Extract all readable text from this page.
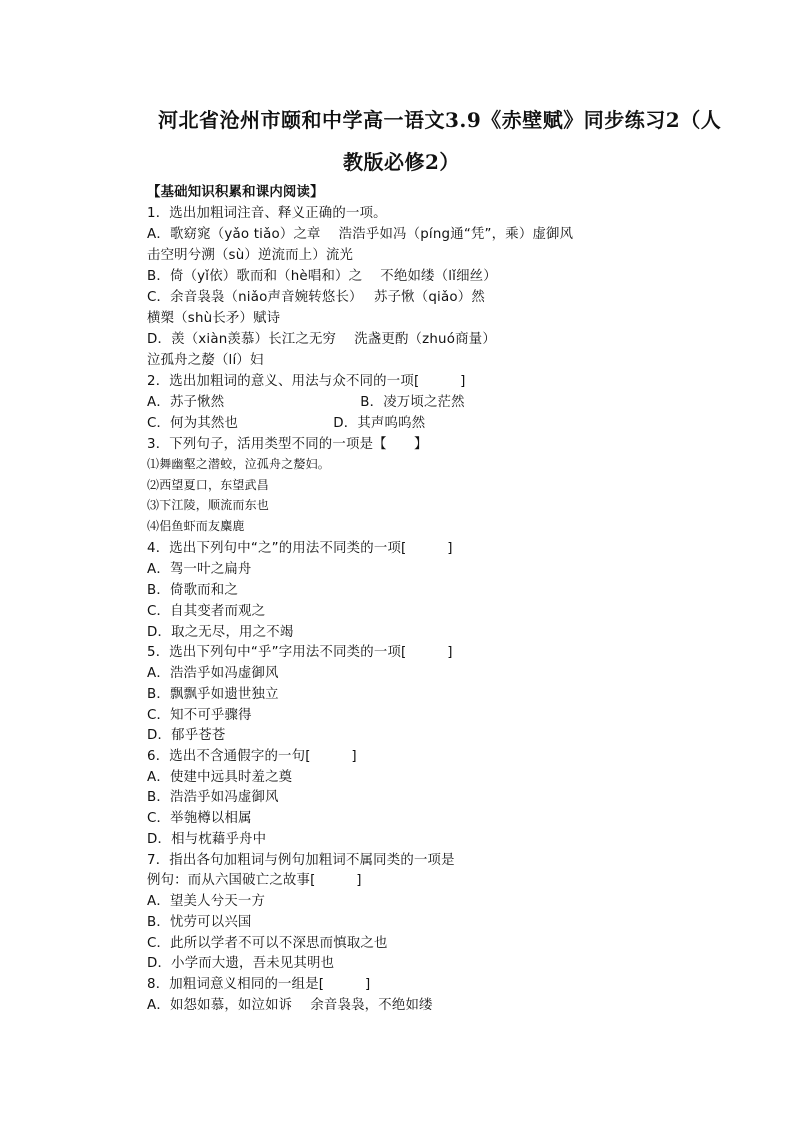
河北省沧州市颐和中学高一语文3.9《赤壁赋》同步练习2（人
教版必修2）
【基础知识积累和课内阅读】
1．选出加粗词注音、释义正确的一项。
A．歌窈窕（yǎo tiǎo）之章　 浩浩乎如冯（píng通“凭”，乘）虚御风
击空明兮溯（sù）逆流而上）流光
B．倚（yǐ依）歌而和（hè唱和）之　 不绝如缕（lǐ细丝）
C．余音袅袅（niǎo声音婉转悠长）　 苏子愀（qiǎo）然
横槊（shù长矛）赋诗
D．羡（xiàn羡慕）长江之无穷　 洗盏更酌（zhuó商量）
泣孤舟之嫠（lí）妇
2．选出加粗词的意义、用法与众不同的一项[　　　]
A．苏子愀然　　　　　　　　　　B．凌万顷之茫然
C．何为其然也　　　　　　　D．其声呜呜然
3．下列句子，活用类型不同的一项是【　　】
⑴舞幽壑之潜蛟，泣孤舟之嫠妇。
⑵西望夏口，东望武昌
⑶下江陵，顺流而东也
⑷侣鱼虾而友麋鹿
4．选出下列句中“之”的用法不同类的一项[　　　]
A．驾一叶之扁舟
B．倚歌而和之
C．自其变者而观之
D．取之无尽，用之不竭
5．选出下列句中“乎”字用法不同类的一项[　　　]
A．浩浩乎如冯虚御风
B．飘飘乎如遗世独立
C．知不可乎骤得
D．郁乎苍苍
6．选出不含通假字的一句[　　　]
A．使建中远具时羞之奠
B．浩浩乎如冯虚御风
C．举匏樽以相属
D．相与枕藉乎舟中
7．指出各句加粗词与例句加粗词不属同类的一项是
例句：而从六国破亡之故事[　　　]
A．望美人兮天一方
B．忧劳可以兴国
C．此所以学者不可以不深思而慎取之也
D．小学而大遗，吾未见其明也
8．加粗词意义相同的一组是[　　　]
A．如怨如慕，如泣如诉　 余音袅袅，不绝如缕
